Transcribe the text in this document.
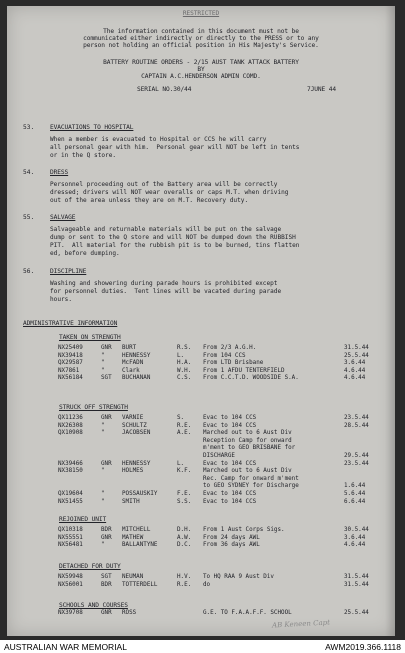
RESTRICTED
The information contained in this document must not be
communicated either indirectly or directly to the PRESS or to any
person not holding an official position in His Majesty's Service.
BATTERY ROUTINE ORDERS - 2/15 AUST TANK ATTACK BATTERY
BY
CAPTAIN A.C.HENDERSON ADMIN COMD.
SERIAL NO.30/44	7JUNE 44
53.	EVACUATIONS TO HOSPITAL
When a member is evacuated to Hospital or CCS he will carry
all personal gear with him.  Personal gear will NOT be left in tents
or in the Q store.
54.	DRESS
Personnel proceeding out of the Battery area will be correctly
dressed; drivers will NOT wear overalls or caps M.T. when driving
out of the area unless they are on M.T. Recovery duty.
55.	SALVAGE
Salvageable and returnable materials will be put on the salvage
dump or sent to the Q store and will NOT be dumped down the RUBBISH
PIT.  All material for the rubbish pit is to be burned, tins flatten
ed, before dumping.
56.	DISCIPLINE
Washing and showering during parade hours is prohibited except
for personnel duties.  Tent lines will be vacated during parade
hours.
ADMINISTRATIVE INFORMATION
TAKEN ON STRENGTH
NX25409	GNR BURT	R.S. From 2/3 A.G.H.	31.5.44
NX39418	"	HENNESSY	L.	From 104 CCS	25.5.44
QX29587	"	McFADN	H.A. From LTD Brisbane	3.6.44
NX7861	"	Clark	W.H. From 1 AFDU TENTERFIELD	4.6.44
NX56184	SGT BUCHANAN	C.S. From C.C.T.D. WOODSIDE S.A.	4.6.44
STRUCK OFF STRENGTH
QX11236	GNR VARNIE	S.	Evac to 104 CCS	23.5.44
NX26308	"	SCHULTZ	R.E. Evac to 104 CCS	28.5.44
QX10908	"	JACOBSEN	A.E. Marched out to 6 Aust Div
Reception Camp for onward
m'ment to GEO BRISBANE for
DISCHARGE	29.5.44
NX39466	GNR HENNESSY	L.	Evac to 104 CCS	23.5.44
NX38150	"	HOLMES	K.F. Marched out to 6 Aust Div
Rec. Camp for onward m'ment
to GEO SYDNEY for Discharge	1.6.44
QX19604	"	POSSAUSKIY	F.E. Evac to 104 CCS	5.6.44
NX51455	"	SMITH	S.S. Evac to 104 CCS	6.6.44
REJOINED UNIT
QX10318	BDR MITCHELL	D.H. From 1 Aust Corps Sigs.	30.5.44
NX55551	GNR MATHEW	A.W. From 24 days AWL	3.6.44
NX56481	"	BALLANTYNE	D.C. From 36 days AWL	4.6.44
DETACHED FOR DUTY
NX59948	SGT NEUMAN	H.V. To HQ RAA 9 Aust Div	31.5.44
NX56001	BDR TOTTERDELL	R.E. do	31.5.44
SCHOOLS AND COURSES
NX39708	GNR ROSS	G.E. TO F.A.A.F.F. SCHOOL	25.5.44
AB Keneen Capt
AUSTRALIAN WAR MEMORIAL	AWM2019.366.1118
